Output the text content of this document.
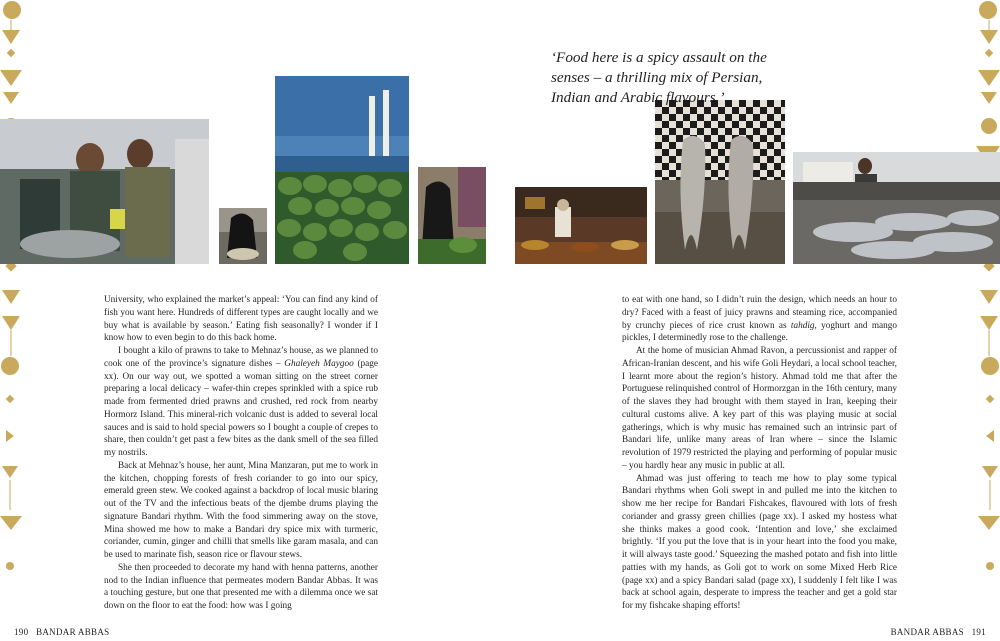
‘Food here is a spicy assault on the senses – a thrilling mix of Persian, Indian and Arabic flavours.’

University, who explained the market’s appeal: ‘You can find any kind of fish you want here. Hundreds of different types are caught locally and we buy what is available by season.’ Eating fish seasonally? I wonder if I know how to even begin to do this back home.

I bought a kilo of prawns to take to Mehnaz’s house, as we planned to cook one of the province’s signature dishes – Ghaleyeh Maygoo (page xx). On our way out, we spotted a woman sitting on the street corner preparing a local delicacy – wafer-thin crepes sprinkled with a spice rub made from fermented dried prawns and crushed, red rock from nearby Hormorz Island. This mineral-rich volcanic dust is added to several local sauces and is said to hold special powers so I bought a couple of crepes to share, then couldn’t get past a few bites as the dank smell of the sea filled my nostrils.

Back at Mehnaz’s house, her aunt, Mina Manzaran, put me to work in the kitchen, chopping forests of fresh coriander to go into our spicy, emerald green stew. We cooked against a backdrop of local music blaring out of the TV and the infectious beats of the djembe drums playing the signature Bandari rhythm. With the food simmering away on the stove, Mina showed me how to make a Bandari dry spice mix with turmeric, coriander, cumin, ginger and chilli that smells like garam masala, and can be used to marinate fish, season rice or flavour stews.

She then proceeded to decorate my hand with henna patterns, another nod to the Indian influence that permeates modern Bandar Abbas. It was a touching gesture, but one that presented me with a dilemma once we sat down on the floor to eat the food: how was I going

to eat with one hand, so I didn’t ruin the design, which needs an hour to dry? Faced with a feast of juicy prawns and steaming rice, accompanied by crunchy pieces of rice crust known as tahdig, yoghurt and mango pickles, I determinedly rose to the challenge.

At the home of musician Ahmad Ravon, a percussionist and rapper of African-Iranian descent, and his wife Goli Heydari, a local school teacher, I learnt more about the region’s history. Ahmad told me that after the Portuguese relinquished control of Hormorzgan in the 16th century, many of the slaves they had brought with them stayed in Iran, keeping their cultural customs alive. A key part of this was playing music at social gatherings, which is why music has remained such an intrinsic part of Bandari life, unlike many areas of Iran where – since the Islamic revolution of 1979 restricted the playing and performing of popular music – you hardly hear any music in public at all.

Ahmad was just offering to teach me how to play some typical Bandari rhythms when Goli swept in and pulled me into the kitchen to show me her recipe for Bandari Fishcakes, flavoured with lots of fresh coriander and grassy green chillies (page xx). I asked my hostess what she thinks makes a good cook. ‘Intention and love,’ she exclaimed brightly. ‘If you put the love that is in your heart into the food you make, it will always taste good.’ Squeezing the mashed potato and fish into little patties with my hands, as Goli got to work on some Mixed Herb Rice (page xx) and a spicy Bandari salad (page xx), I suddenly I felt like I was back at school again, desperate to impress the teacher and get a gold star for my fishcake shaping efforts!

190 BANDAR ABBAS	BANDAR ABBAS 191
